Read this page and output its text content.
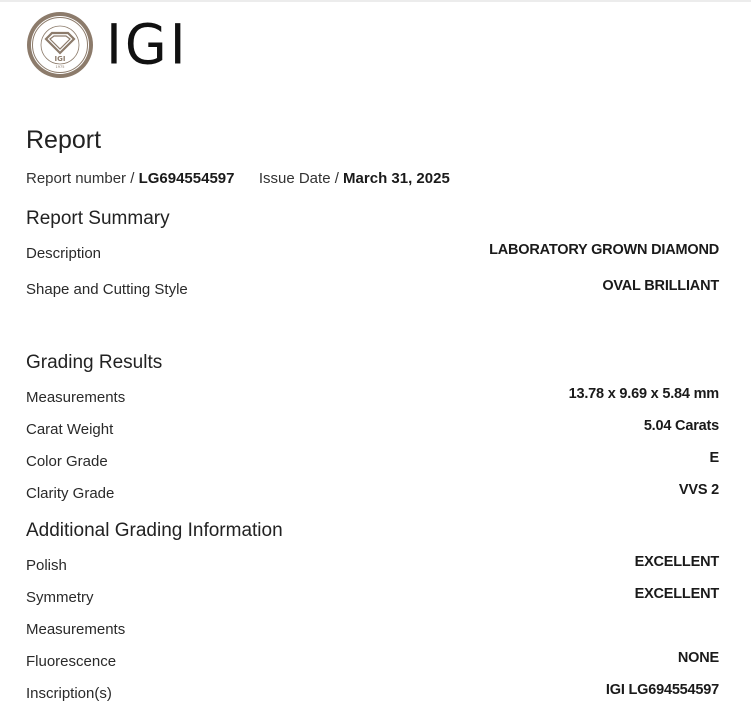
IGI
1975 IGI
Report
Report number / LG694554597 Issue Date / March 31, 2025
Report Summary
Description	LABORATORY GROWN DIAMOND
Shape and Cutting Style	OVAL BRILLIANT
Grading Results
Measurements	13.78 x 9.69 x 5.84 mm
Carat Weight	5.04 Carats
Color Grade	E
Clarity Grade	VVS 2
Additional Grading Information
Polish	EXCELLENT
Symmetry	EXCELLENT
Measurements
Fluorescence	NONE
Inscription(s)	IGI LG694554597
